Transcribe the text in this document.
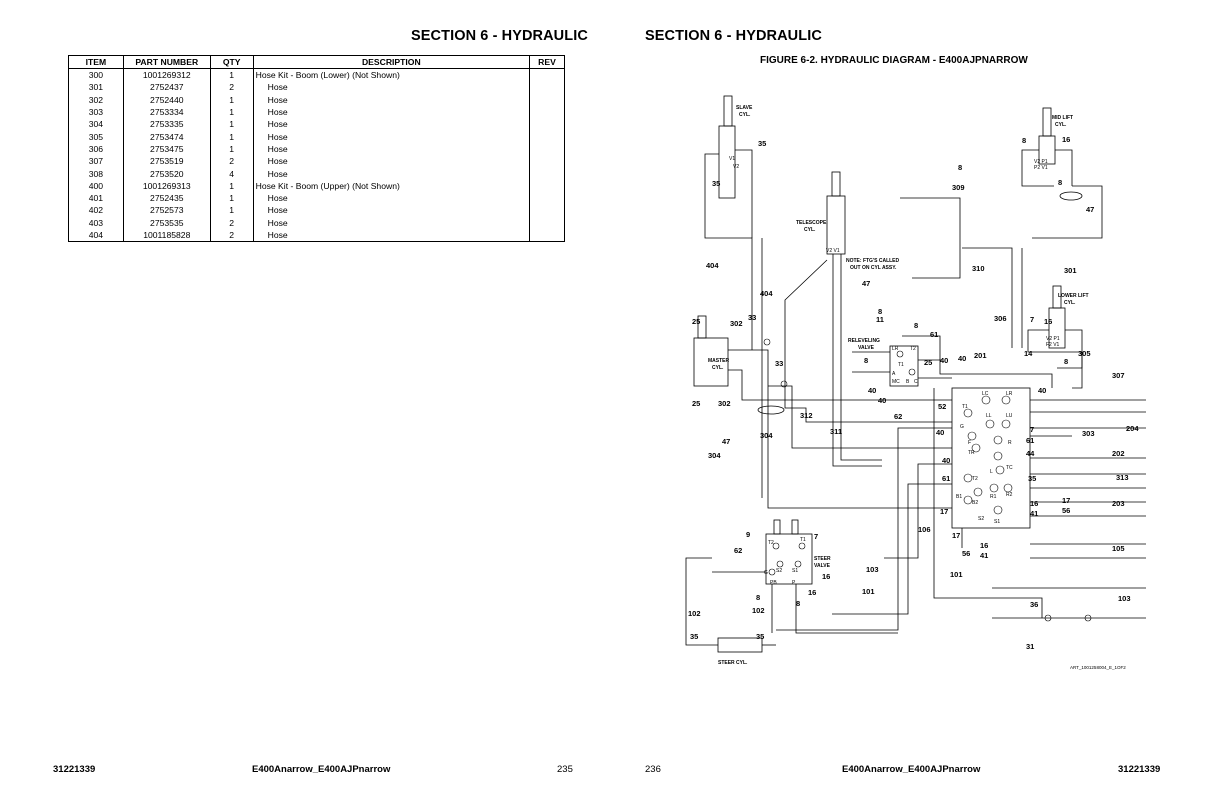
SECTION 6 - HYDRAULIC
ITEM	PART NUMBER	QTY	DESCRIPTION	REV
300	1001269312	1	Hose Kit - Boom (Lower) (Not Shown)	
301	2752437	2	Hose	
302	2752440	1	Hose	
303	2753334	1	Hose	
304	2753335	1	Hose	
305	2753474	1	Hose	
306	2753475	1	Hose	
307	2753519	2	Hose	
308	2753520	4	Hose	
400	1001269313	1	Hose Kit - Boom (Upper) (Not Shown)	
401	2752435	1	Hose	
402	2752573	1	Hose	
403	2753535	2	Hose	
404	1001185828	2	Hose	
31221339	E400Anarrow_E400AJPnarrow	235
SECTION 6 - HYDRAULIC
FIGURE 6-2. HYDRAULIC DIAGRAM - E400AJPNARROW
35
35
25	302
33
33
47
25 302
404
404
304
304
312
311
47
8
11
8
61
8	25
40
40
62
40 40 201
306	7 16
14
8
305
307
40
52
7
61
44
40
40
61	35
303
204
202
313
17
56
16
41
203
17
17
56
16
41
106
101
103
101
105
103
36
31
8
8	16
8
47
309
310	301
9
62
7
16
16
8
8
102	102
35	35
V1
V2
V2 V1
V2 P1
P2 V1
V2 P1
F2 V1
LR T2
T1
A
MC B C
LC	LR
T1
LL	LU
G
F	R
TR
TC
L
T2
B1	R1 R2
B2
S2 S1
T2	T1
G S2 S1
PB	P
SLAVE
CYL.	MID LIFT
CYL.
TELESCOPE
CYL.
LOWER LIFT
CYL.
MASTER
CYL.
STEER CYL.
STEER
VALVE
RELEVELING
VALVE
NOTE: FTG'S CALLED
OUT ON CYL ASSY.
ART_1001258004_E_1OF2
236	E400Anarrow_E400AJPnarrow	31221339
